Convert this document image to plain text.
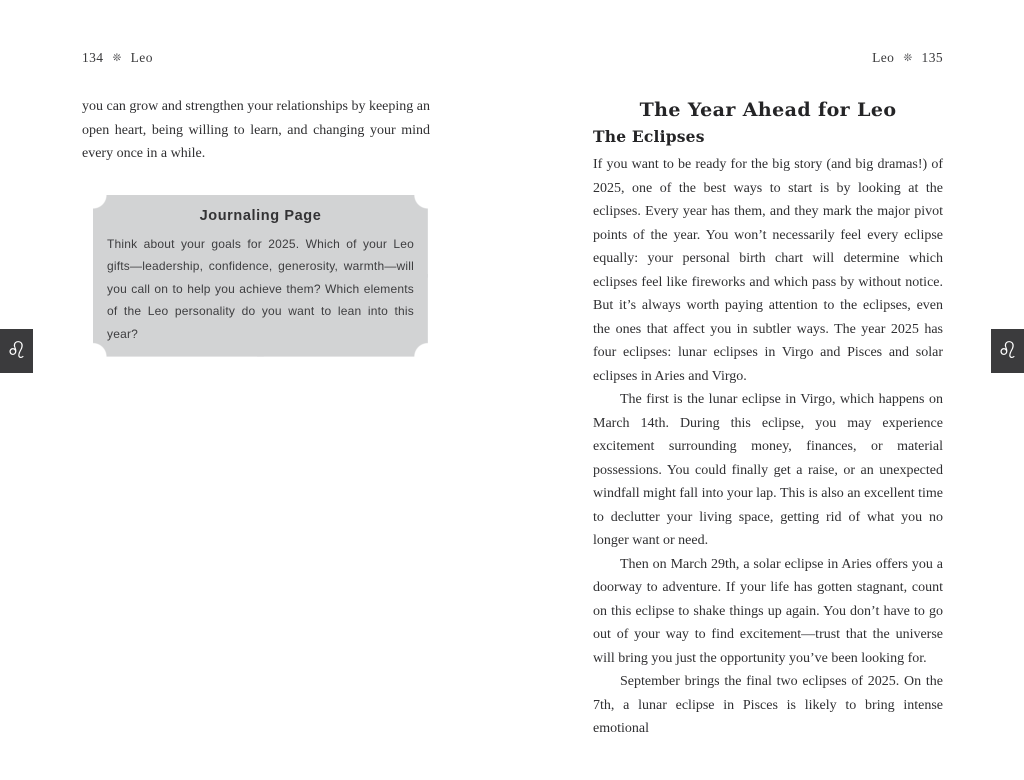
134 ❊ Leo

you can grow and strengthen your relationships by keeping an open heart, being willing to learn, and changing your mind every once in a while.

Journaling Page
Think about your goals for 2025. Which of your Leo gifts—leadership, confidence, generosity, warmth—will you call on to help you achieve them? Which elements of the Leo personality do you want to lean into this year?
Leo ❊ 135
The Year Ahead for Leo
The Eclipses

If you want to be ready for the big story (and big dramas!) of 2025, one of the best ways to start is by looking at the eclipses. Every year has them, and they mark the major pivot points of the year. You won’t necessarily feel every eclipse equally: your personal birth chart will determine which eclipses feel like fireworks and which pass by without notice. But it’s always worth paying attention to the eclipses, even the ones that affect you in subtler ways. The year 2025 has four eclipses: lunar eclipses in Virgo and Pisces and solar eclipses in Aries and Virgo.

The first is the lunar eclipse in Virgo, which happens on March 14th. During this eclipse, you may experience excitement surrounding money, finances, or material possessions. You could finally get a raise, or an unexpected windfall might fall into your lap. This is also an excellent time to declutter your living space, getting rid of what you no longer want or need.

Then on March 29th, a solar eclipse in Aries offers you a doorway to adventure. If your life has gotten stagnant, count on this eclipse to shake things up again. You don’t have to go out of your way to find excitement—trust that the universe will bring you just the opportunity you’ve been looking for.

September brings the final two eclipses of 2025. On the 7th, a lunar eclipse in Pisces is likely to bring intense emotional

♌	♌
